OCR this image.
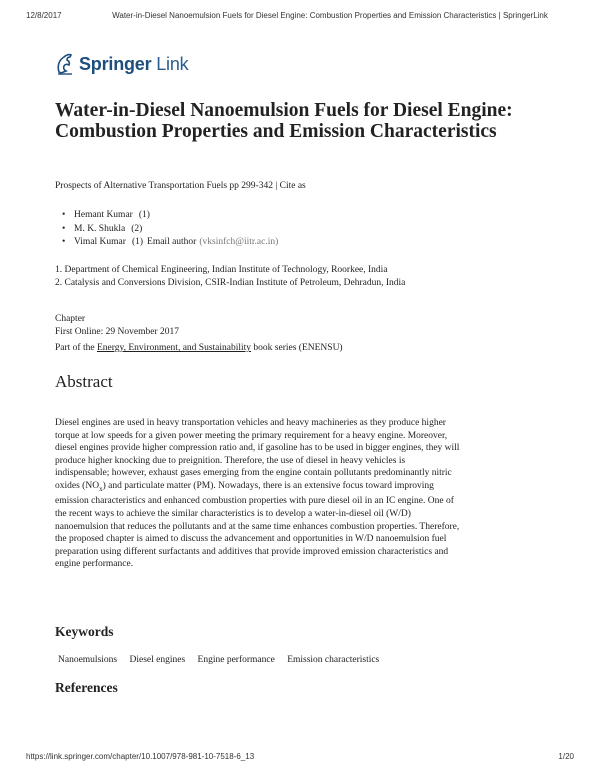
12/8/2017	Water-in-Diesel Nanoemulsion Fuels for Diesel Engine: Combustion Properties and Emission Characteristics | SpringerLink
Springer Link
Water-in-Diesel Nanoemulsion Fuels for Diesel Engine: Combustion Properties and Emission Characteristics
Prospects of Alternative Transportation Fuels pp 299-342 | Cite as
• Hemant Kumar (1)
• M. K. Shukla (2)
• Vimal Kumar (1) Email author (vksinfch@iitr.ac.in)
1. Department of Chemical Engineering, Indian Institute of Technology, Roorkee, India
2. Catalysis and Conversions Division, CSIR-Indian Institute of Petroleum, Dehradun, India
Chapter
First Online: 29 November 2017
Part of the Energy, Environment, and Sustainability book series (ENENSU)
Abstract

Diesel engines are used in heavy transportation vehicles and heavy machineries as they produce higher torque at low speeds for a given power meeting the primary requirement for a heavy engine. Moreover, diesel engines provide higher compression ratio and, if gasoline has to be used in bigger engines, they will produce higher knocking due to preignition. Therefore, the use of diesel in heavy vehicles is indispensable; however, exhaust gases emerging from the engine contain pollutants predominantly nitric oxides $(NO_x)$ and particulate matter (PM). Nowadays, there is an extensive focus toward improving emission characteristics and enhanced combustion properties with pure diesel oil in an IC engine. One of the recent ways to achieve the similar characteristics is to develop a water-in-diesel oil (W/D) nanoemulsion that reduces the pollutants and at the same time enhances combustion properties. Therefore, the proposed chapter is aimed to discuss the advancement and opportunities in W/D nanoemulsion fuel preparation using different surfactants and additives that provide improved emission characteristics and engine performance.

Keywords
Nanoemulsions Diesel engines Engine performance Emission characteristics
References
https://link.springer.com/chapter/10.1007/978-981-10-7518-6_13	1/20
